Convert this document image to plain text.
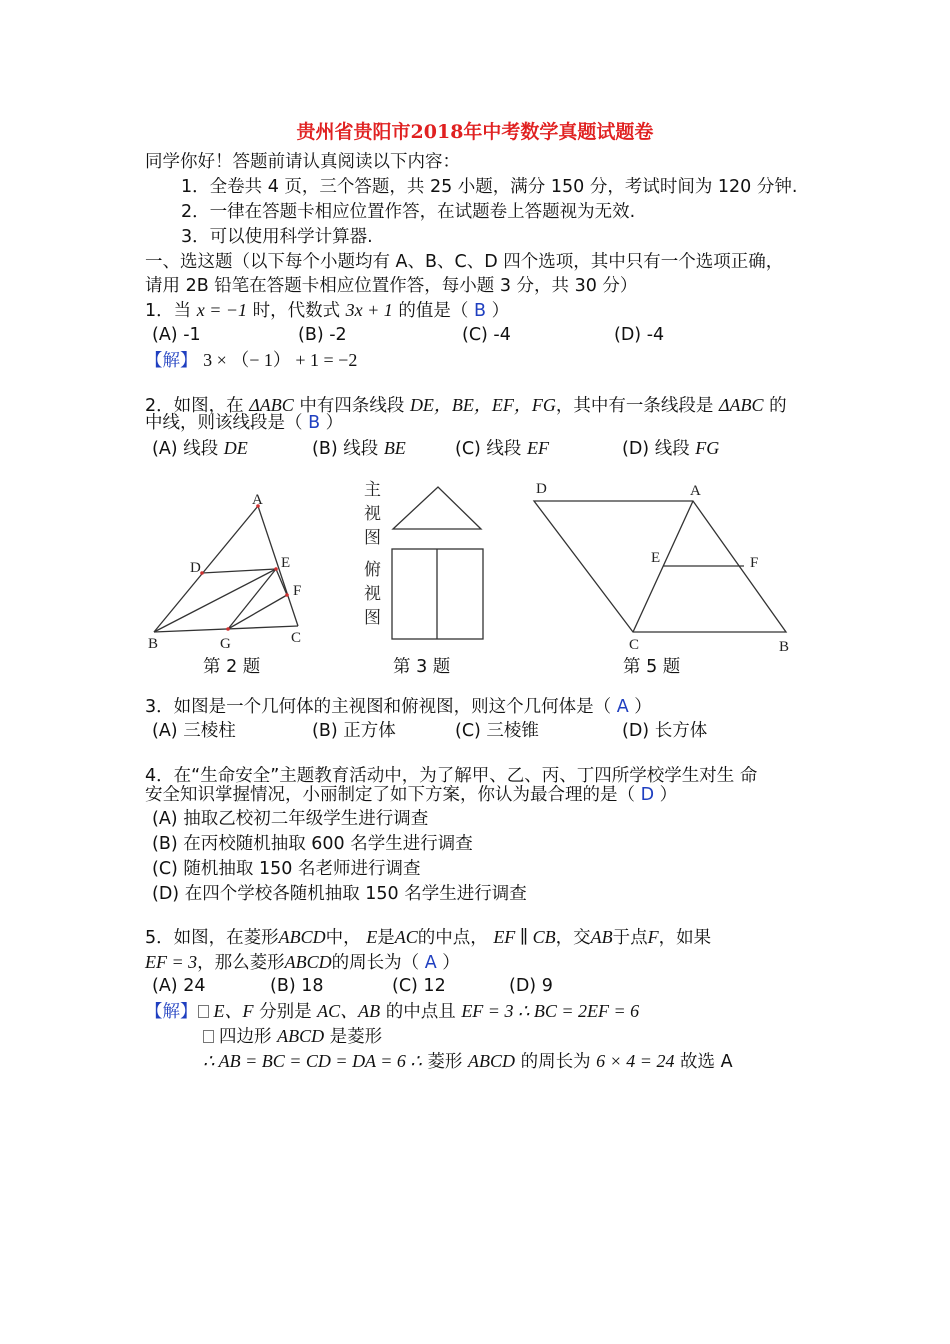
贵州省贵阳市2018年中考数学真题试题卷
同学你好！答题前请认真阅读以下内容：
1．全卷共 4 页，三个答题，共 25 小题，满分 150 分，考试时间为 120 分钟.
2．一律在答题卡相应位置作答，在试题卷上答题视为无效.
3．可以使用科学计算器.
一、选这题（以下每个小题均有 A、B、C、D 四个选项，其中只有一个选项正确，
请用 2B 铅笔在答题卡相应位置作答，每小题 3 分，共 30 分）
1．当 x = −1 时，代数式 3x + 1 的值是（ B ）
(A) -1	(B) -2	(C) -4	(D) -4
【解】 3 × （− 1） + 1 = −2
2．如图，在 ΔABC 中有四条线段 DE，BE，EF，FG，其中有一条线段是 ΔABC 的
中线，则该线段是（ B ）
(A) 线段 DE	(B) 线段 BE	(C) 线段 EF	(D) 线段 FG
A
D	E
F
B	G	C
第 2 题
主
视
图
俯
视
图
第 3 题
D	A
E	F
C	B
第 5 题
3．如图是一个几何体的主视图和俯视图，则这个几何体是（ A ）
(A) 三棱柱	(B) 正方体	(C) 三棱锥	(D) 长方体
4．在“生命安全”主题教育活动中，为了解甲、乙、丙、丁四所学校学生对生 命
安全知识掌握情况，小丽制定了如下方案，你认为最合理的是（ D ）
(A) 抽取乙校初二年级学生进行调查
(B) 在丙校随机抽取 600 名学生进行调查
(C) 随机抽取 150 名老师进行调查
(D) 在四个学校各随机抽取 150 名学生进行调查
5．如图，在菱形ABCD中， E是AC的中点， EF ∥ CB，交AB于点F，如果
EF = 3，那么菱形ABCD的周长为（ A ）
(A) 24	(B) 18	(C) 12	(D) 9
【解】 E、F 分别是 AC、AB 的中点且 EF = 3 ∴ BC = 2EF = 6
四边形 ABCD 是菱形
∴ AB = BC = CD = DA = 6 ∴ 菱形 ABCD 的周长为 6 × 4 = 24 故选 A
